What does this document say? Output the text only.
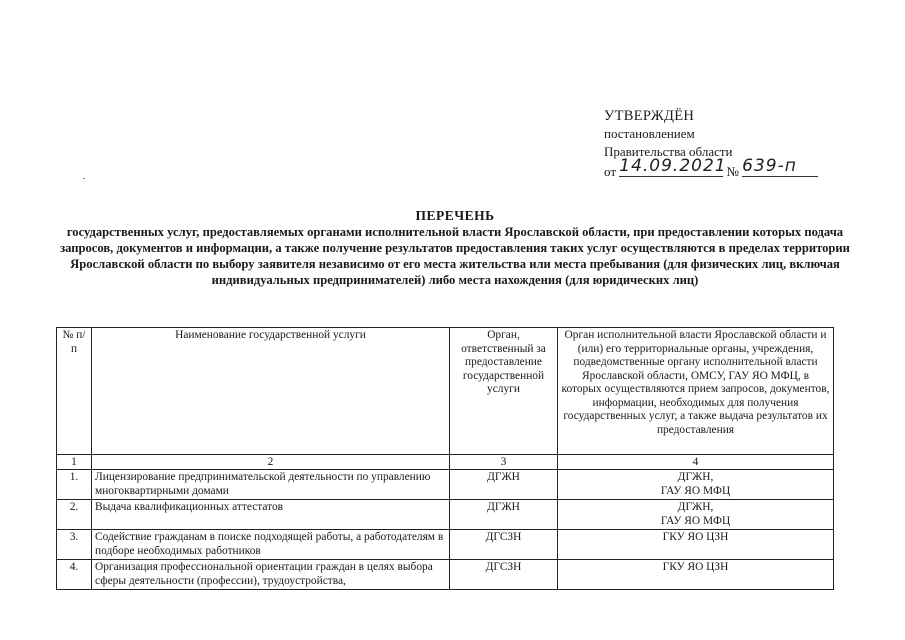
УТВЕРЖДЁН
постановлением
Правительства области
от 14.09.2021 № 639-п
ПЕРЕЧЕНЬ
государственных услуг, предоставляемых органами исполнительной власти Ярославской области, при предоставлении которых подача запросов, документов и информации, а также получение результатов предоставления таких услуг осуществляются в пределах территории Ярославской области по выбору заявителя независимо от его места жительства или места пребывания (для физических лиц, включая индивидуальных предпринимателей) либо места нахождения (для юридических лиц)
№ п/п	Наименование государственной услуги	Орган, ответственный за предоставление государственной услуги	Орган исполнительной власти Ярославской области и (или) его территориальные органы, учреждения, подведомственные органу исполнительной власти Ярославской области, ОМСУ, ГАУ ЯО МФЦ, в которых осуществляются прием запросов, документов, информации, необходимых для получения государственных услуг, а также выдача результатов их предоставления
1	2	3	4
1.	Лицензирование предпринимательской деятельности по управлению многоквартирными домами	ДГЖН	ДГЖН,
ГАУ ЯО МФЦ

2.	Выдача квалификационных аттестатов	ДГЖН	ДГЖН,
ГАУ ЯО МФЦ

3.	Содействие гражданам в поиске подходящей работы, а работодателям в подборе необходимых работников	ДГСЗН	ГКУ ЯО ЦЗН

4.	Организация профессиональной ориентации граждан в целях выбора сферы деятельности (профессии), трудоустройства,	ДГСЗН	ГКУ ЯО ЦЗН
